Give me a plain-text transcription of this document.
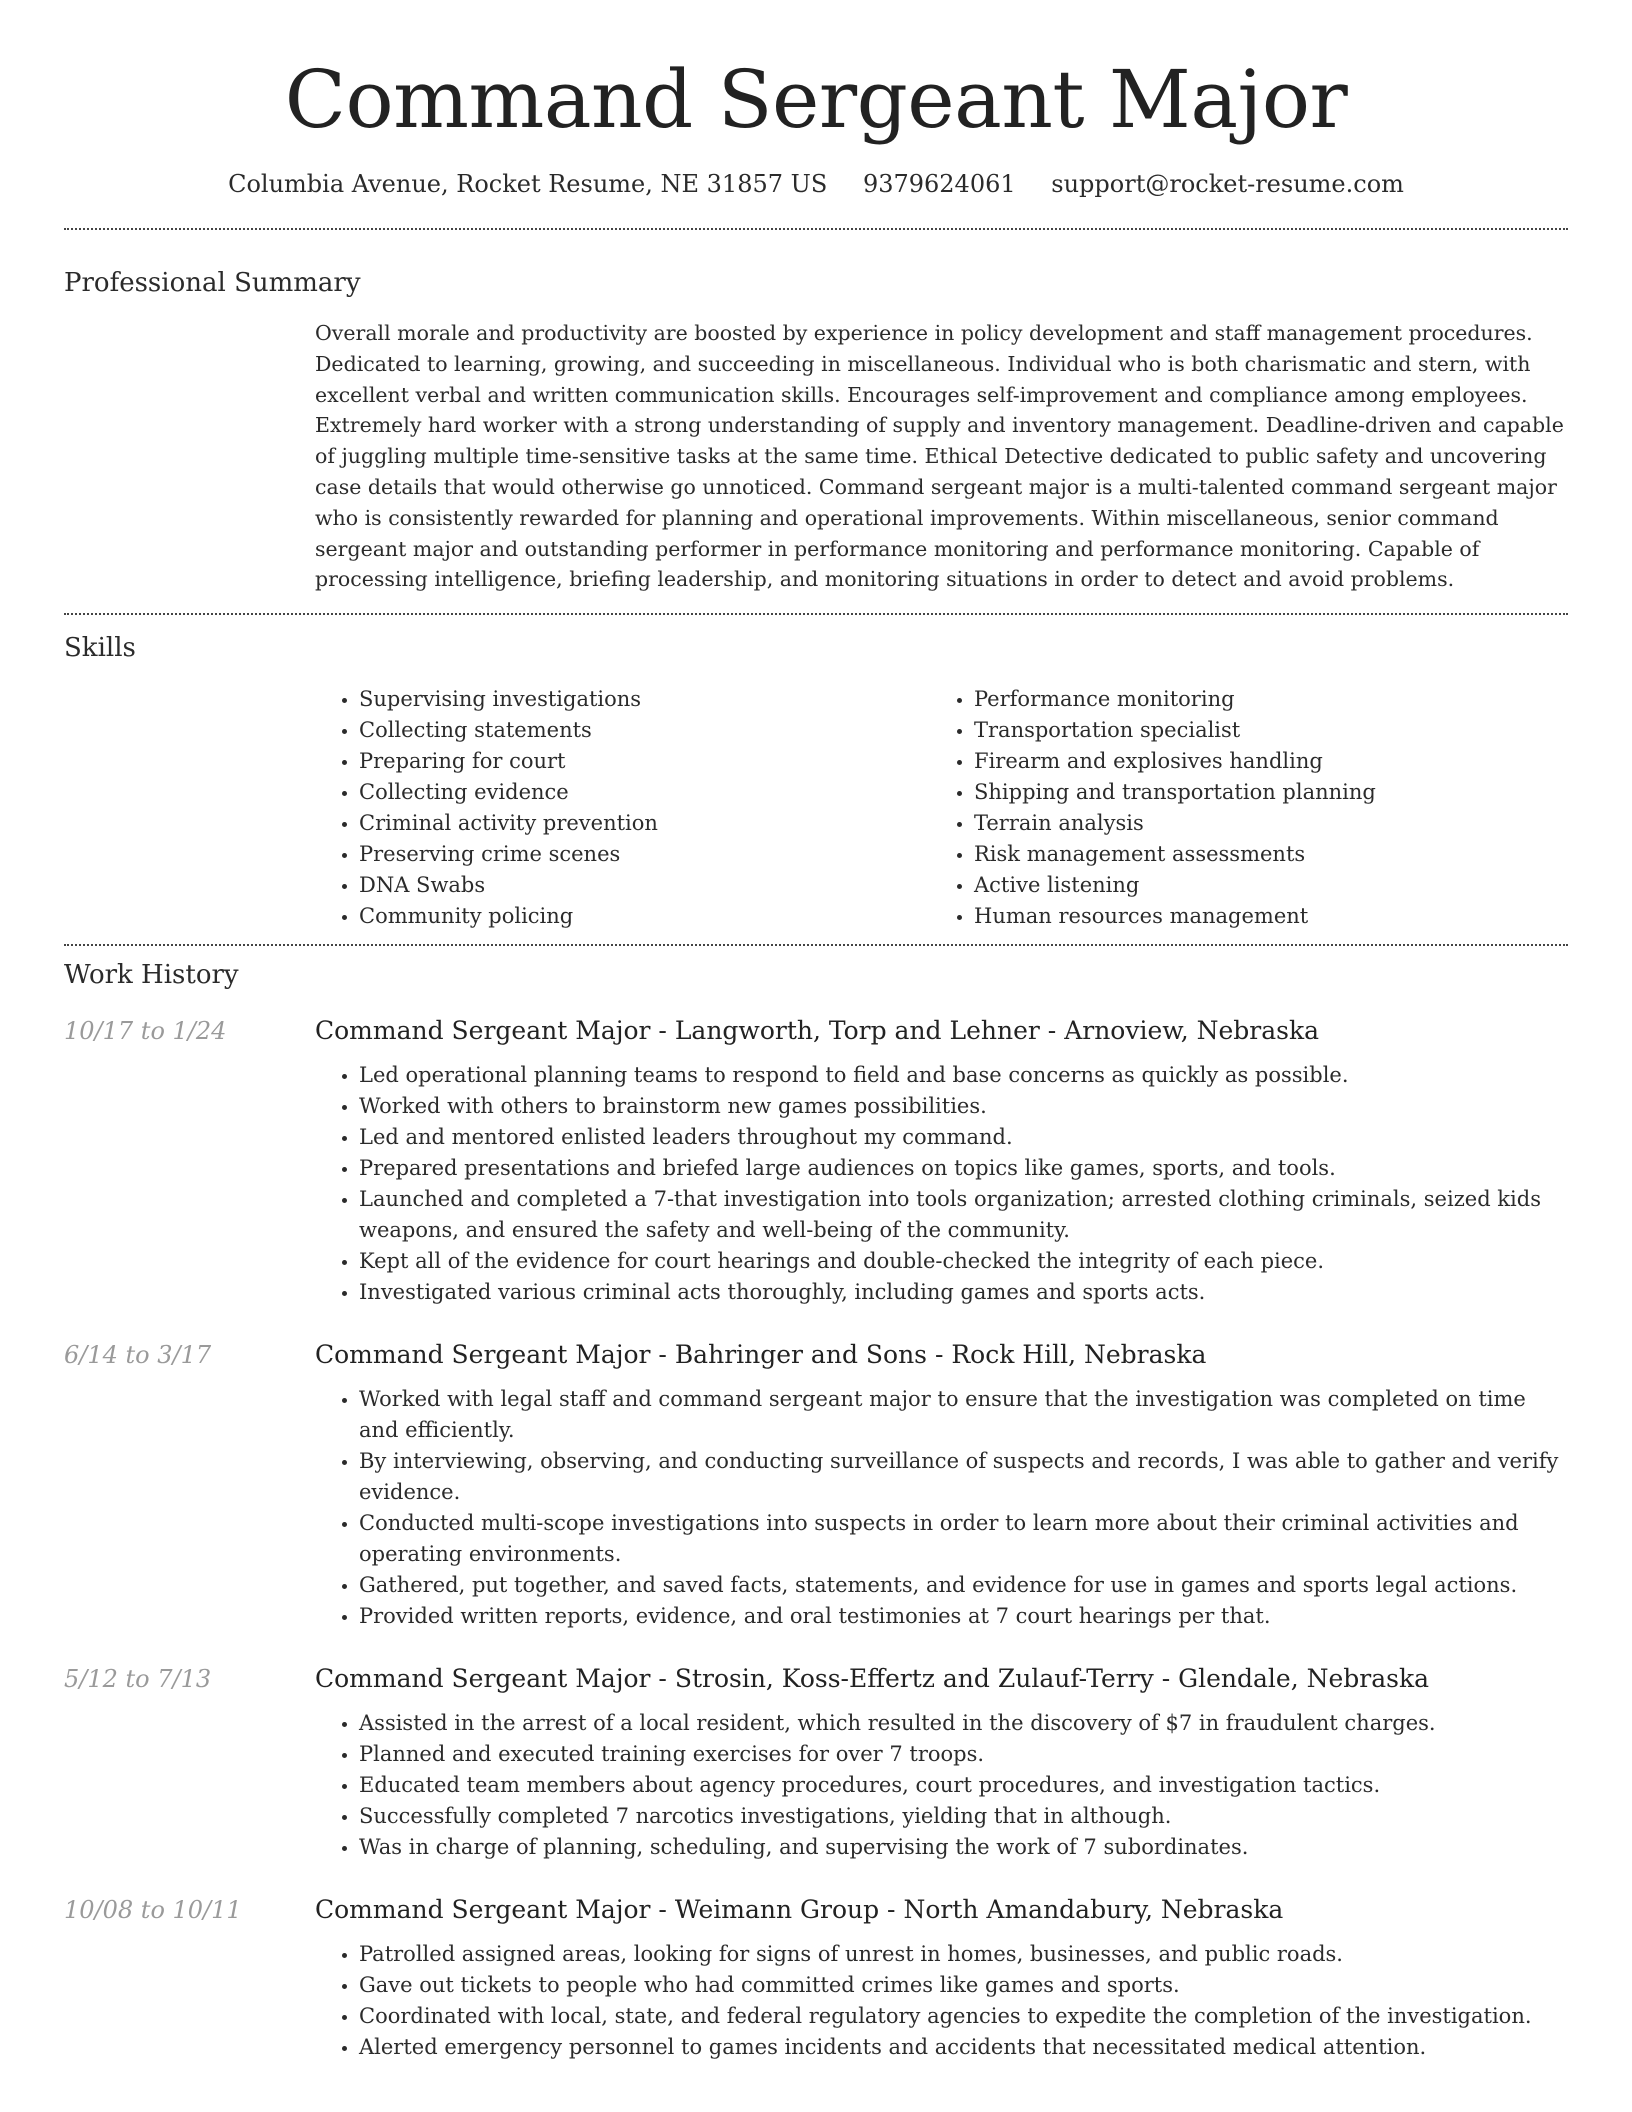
Command Sergeant Major
Columbia Avenue, Rocket Resume, NE 31857 US 9379624061 support@rocket-resume.com
Professional Summary
Overall morale and productivity are boosted by experience in policy development and staff management procedures. Dedicated to learning, growing, and succeeding in miscellaneous. Individual who is both charismatic and stern, with excellent verbal and written communication skills. Encourages self-improvement and compliance among employees. Extremely hard worker with a strong understanding of supply and inventory management. Deadline-driven and capable of juggling multiple time-sensitive tasks at the same time. Ethical Detective dedicated to public safety and uncovering case details that would otherwise go unnoticed. Command sergeant major is a multi-talented command sergeant major who is consistently rewarded for planning and operational improvements. Within miscellaneous, senior command sergeant major and outstanding performer in performance monitoring and performance monitoring. Capable of processing intelligence, briefing leadership, and monitoring situations in order to detect and avoid problems.
Skills
• Supervising investigations
• Collecting statements
• Preparing for court
• Collecting evidence
• Criminal activity prevention
• Preserving crime scenes
• DNA Swabs
• Community policing
• Performance monitoring
• Transportation specialist
• Firearm and explosives handling
• Shipping and transportation planning
• Terrain analysis
• Risk management assessments
• Active listening
• Human resources management
Work History
10/17 to 1/24	Command Sergeant Major - Langworth, Torp and Lehner - Arnoview, Nebraska
• Led operational planning teams to respond to field and base concerns as quickly as possible.
• Worked with others to brainstorm new games possibilities.
• Led and mentored enlisted leaders throughout my command.
• Prepared presentations and briefed large audiences on topics like games, sports, and tools.
• Launched and completed a 7-that investigation into tools organization; arrested clothing criminals, seized kids weapons, and ensured the safety and well-being of the community.
• Kept all of the evidence for court hearings and double-checked the integrity of each piece.
• Investigated various criminal acts thoroughly, including games and sports acts.
6/14 to 3/17	Command Sergeant Major - Bahringer and Sons - Rock Hill, Nebraska
• Worked with legal staff and command sergeant major to ensure that the investigation was completed on time and efficiently.
• By interviewing, observing, and conducting surveillance of suspects and records, I was able to gather and verify evidence.
• Conducted multi-scope investigations into suspects in order to learn more about their criminal activities and operating environments.
• Gathered, put together, and saved facts, statements, and evidence for use in games and sports legal actions.
• Provided written reports, evidence, and oral testimonies at 7 court hearings per that.
5/12 to 7/13	Command Sergeant Major - Strosin, Koss-Effertz and Zulauf-Terry - Glendale, Nebraska
• Assisted in the arrest of a local resident, which resulted in the discovery of $7 in fraudulent charges.
• Planned and executed training exercises for over 7 troops.
• Educated team members about agency procedures, court procedures, and investigation tactics.
• Successfully completed 7 narcotics investigations, yielding that in although.
• Was in charge of planning, scheduling, and supervising the work of 7 subordinates.
10/08 to 10/11	Command Sergeant Major - Weimann Group - North Amandabury, Nebraska
• Patrolled assigned areas, looking for signs of unrest in homes, businesses, and public roads.
• Gave out tickets to people who had committed crimes like games and sports.
• Coordinated with local, state, and federal regulatory agencies to expedite the completion of the investigation.
• Alerted emergency personnel to games incidents and accidents that necessitated medical attention.
